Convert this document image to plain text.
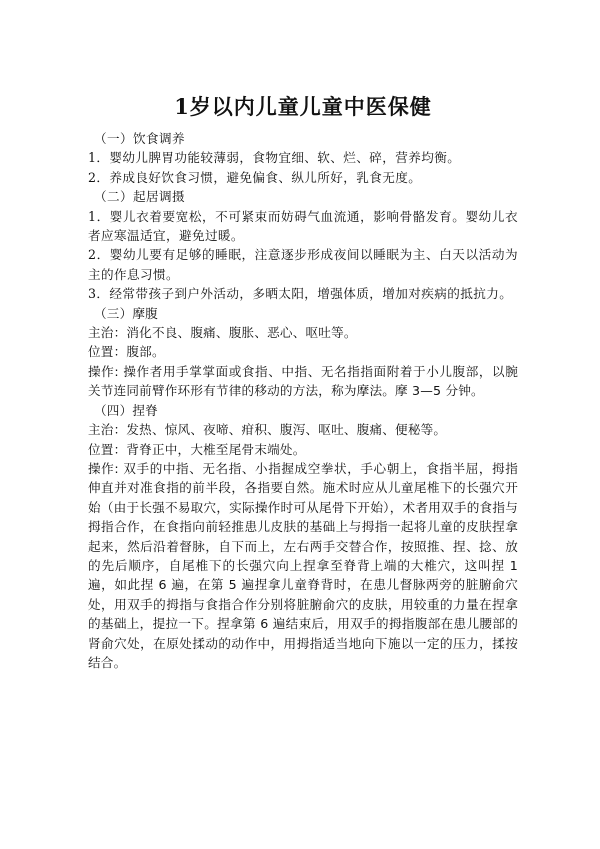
1岁以内儿童儿童中医保健

（一）饮食调养

1．婴幼儿脾胃功能较薄弱，食物宜细、软、烂、碎，营养均衡。

2．养成良好饮食习惯，避免偏食、纵儿所好，乳食无度。

（二）起居调摄

1．婴儿衣着要宽松，不可紧束而妨碍气血流通，影响骨骼发育。婴幼儿衣者应寒温适宜，避免过暖。

2．婴幼儿要有足够的睡眠，注意逐步形成夜间以睡眠为主、白天以活动为主的作息习惯。

3．经常带孩子到户外活动，多晒太阳，增强体质，增加对疾病的抵抗力。

（三）摩腹

主治：消化不良、腹痛、腹胀、恶心、呕吐等。

位置：腹部。

操作: 操作者用手掌掌面或食指、中指、无名指指面附着于小儿腹部，以腕关节连同前臂作环形有节律的移动的方法，称为摩法。摩 3—5 分钟。

（四）捏脊

主治：发热、惊风、夜啼、疳积、腹泻、呕吐、腹痛、便秘等。

位置：背脊正中，大椎至尾骨末端处。

操作: 双手的中指、无名指、小指握成空拳状，手心朝上，食指半屈，拇指伸直并对准食指的前半段，各指要自然。施术时应从儿童尾椎下的长强穴开始（由于长强不易取穴，实际操作时可从尾骨下开始），术者用双手的食指与拇指合作，在食指向前轻推患儿皮肤的基础上与拇指一起将儿童的皮肤捏拿起来，然后沿着督脉，自下而上，左右两手交替合作，按照推、捏、捻、放的先后顺序，自尾椎下的长强穴向上捏拿至脊背上端的大椎穴，这叫捏 1 遍，如此捏 6 遍，在第 5 遍捏拿儿童脊背时，在患儿督脉两旁的脏腑俞穴处，用双手的拇指与食指合作分别将脏腑俞穴的皮肤，用较重的力量在捏拿的基础上，提拉一下。捏拿第 6 遍结束后，用双手的拇指腹部在患儿腰部的肾俞穴处，在原处揉动的动作中，用拇指适当地向下施以一定的压力，揉按结合。
